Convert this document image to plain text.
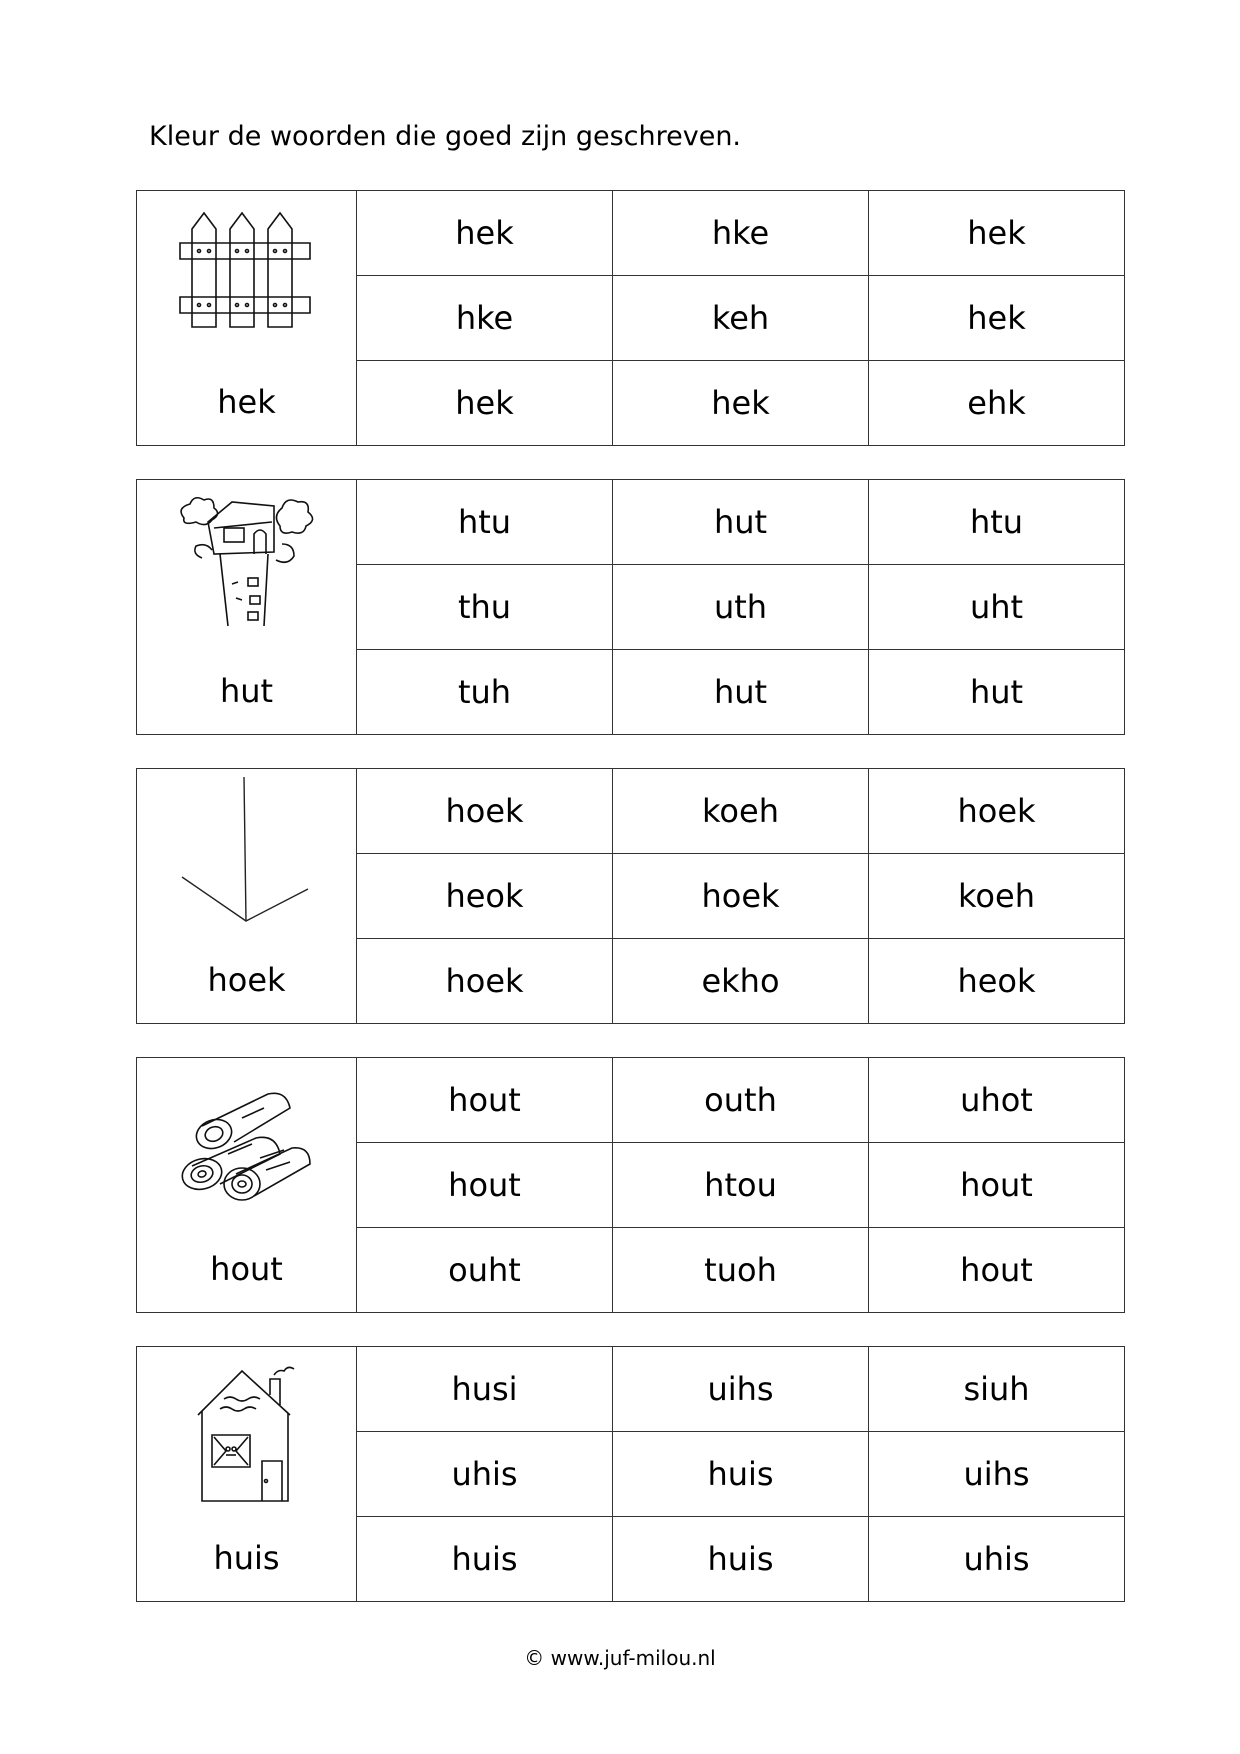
Kleur de woorden die goed zijn geschreven.
hek	hek	hke	hek
	hke	keh	hek
	hek	hek	ehk
hut	htu	hut	htu
	thu	uth	uht
	tuh	hut	hut
hoek	hoek	koeh	hoek
	heok	hoek	koeh
	hoek	ekho	heok
hout	hout	outh	uhot
	hout	htou	hout
	ouht	tuoh	hout
huis	husi	uihs	siuh
	uhis	huis	uihs
	huis	huis	uhis
© www.juf-milou.nl
